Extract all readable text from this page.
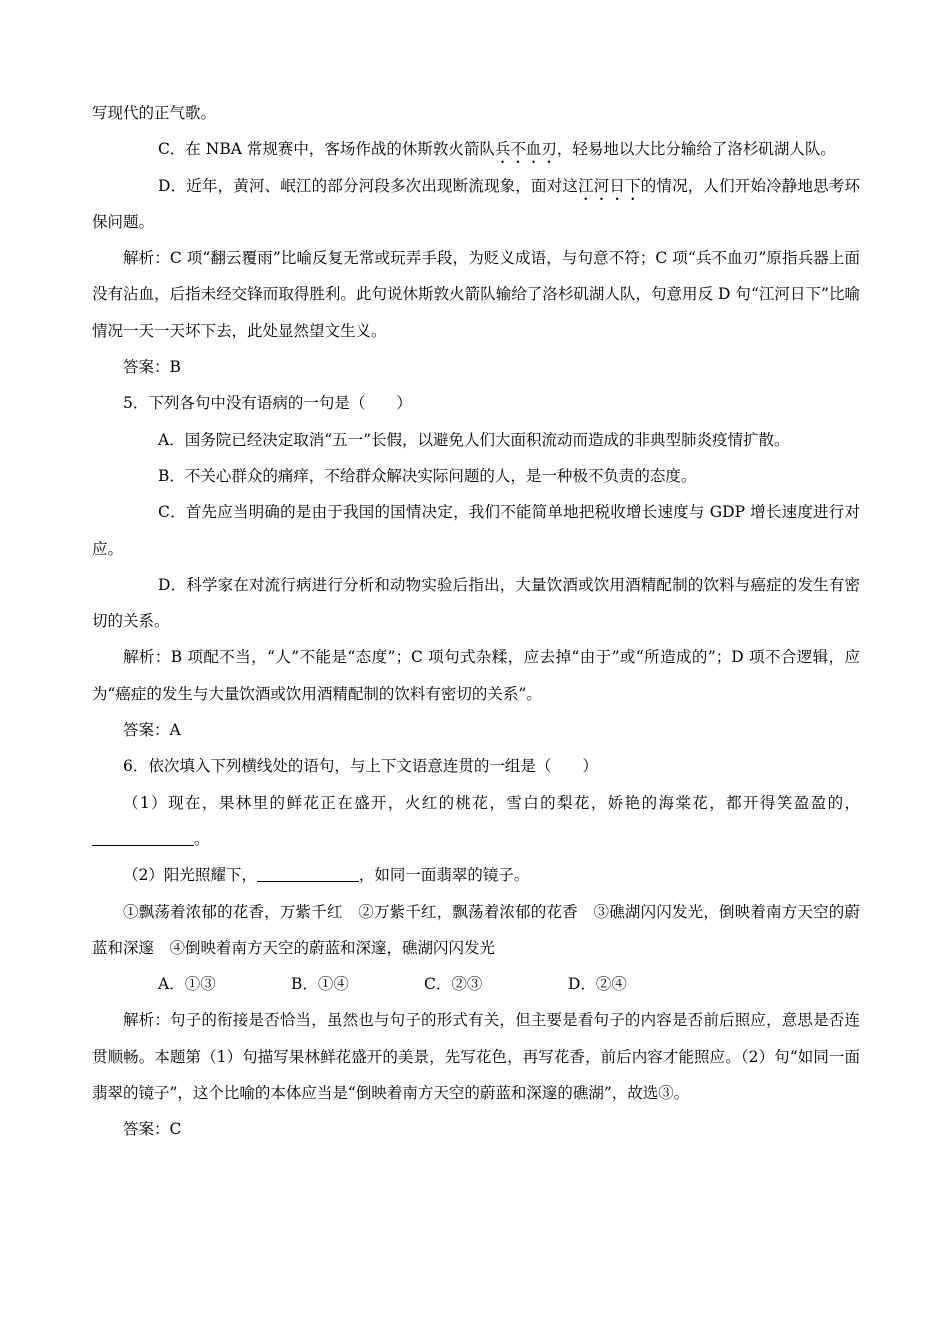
写现代的正气歌。

C．在 NBA 常规赛中，客场作战的休斯敦火箭队兵不血刃，轻易地以大比分输给了洛杉矶湖人队。

D．近年，黄河、岷江的部分河段多次出现断流现象，面对这江河日下的情况，人们开始冷静地思考环保问题。

解析：C 项“翻云覆雨”比喻反复无常或玩弄手段，为贬义成语，与句意不符；C 项“兵不血刃”原指兵器上面没有沾血，后指未经交锋而取得胜利。此句说休斯敦火箭队输给了洛杉矶湖人队，句意用反 D 句“江河日下”比喻情况一天一天坏下去，此处显然望文生义。

答案：B

5．下列各句中没有语病的一句是（　　）

A．国务院已经决定取消“五一”长假，以避免人们大面积流动而造成的非典型肺炎疫情扩散。

B．不关心群众的痛痒，不给群众解决实际问题的人，是一种极不负责的态度。

C．首先应当明确的是由于我国的国情决定，我们不能简单地把税收增长速度与 GDP 增长速度进行对应。

D．科学家在对流行病进行分析和动物实验后指出，大量饮酒或饮用酒精配制的饮料与癌症的发生有密切的关系。

解析：B 项配不当，“人”不能是“态度”；C 项句式杂糅，应去掉“由于”或“所造成的”；D 项不合逻辑，应为“癌症的发生与大量饮酒或饮用酒精配制的饮料有密切的关系”。

答案：A

6．依次填入下列横线处的语句，与上下文语意连贯的一组是（　　）

（1）现在，果林里的鲜花正在盛开，火红的桃花，雪白的梨花，娇艳的海棠花，都开得笑盈盈的，。

（2）阳光照耀下，	，如同一面翡翠的镜子。

①飘荡着浓郁的花香，万紫千红　②万紫千红，飘荡着浓郁的花香　③礁湖闪闪发光，倒映着南方天空的蔚蓝和深邃　④倒映着南方天空的蔚蓝和深邃，礁湖闪闪发光

A．①③	B．①④	C．②③	D．②④

解析：句子的衔接是否恰当，虽然也与句子的形式有关，但主要是看句子的内容是否前后照应，意思是否连贯顺畅。本题第（1）句描写果林鲜花盛开的美景，先写花色，再写花香，前后内容才能照应。（2）句“如同一面翡翠的镜子”，这个比喻的本体应当是“倒映着南方天空的蔚蓝和深邃的礁湖”，故选③。

答案：C
